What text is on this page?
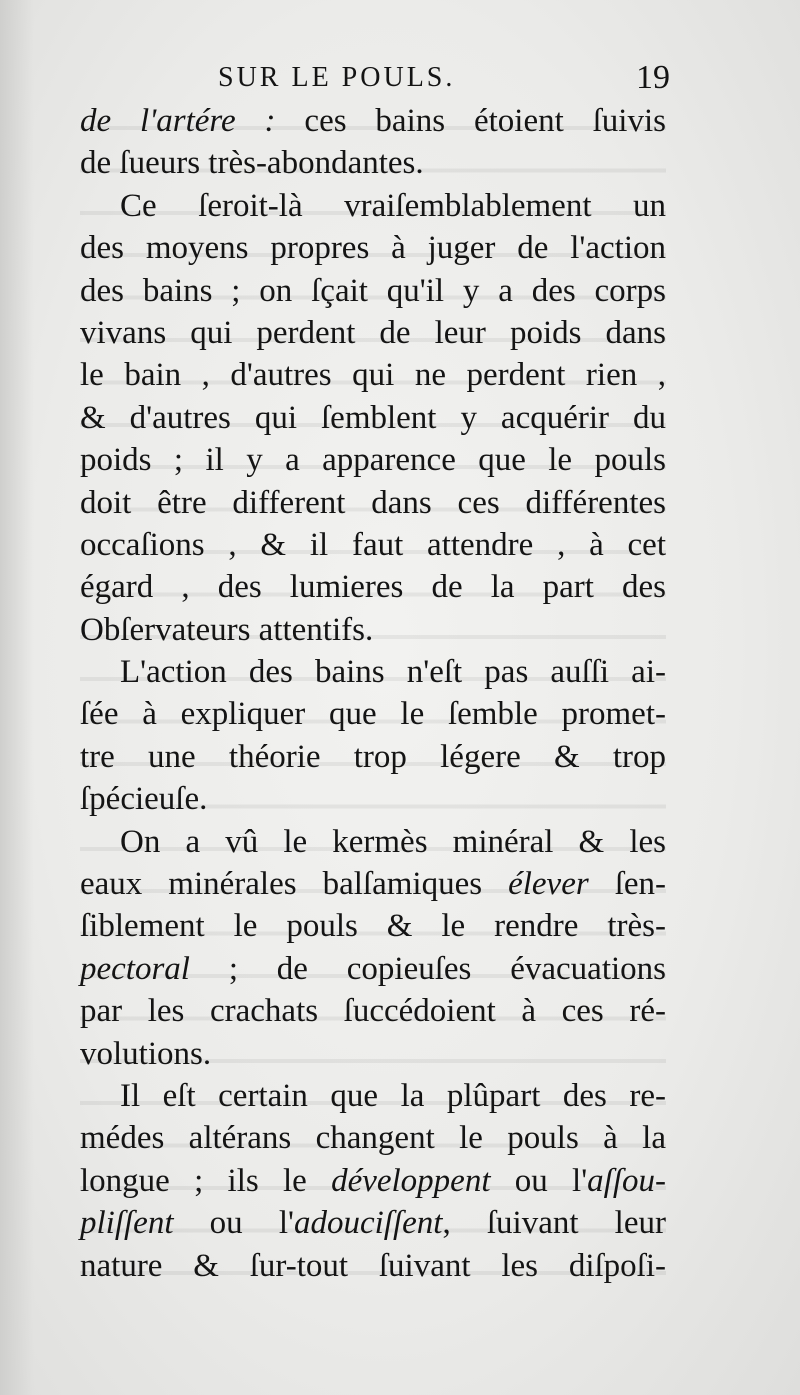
SUR LE POULS.	19
de l'artére : ces bains étoient ſuivis
de ſueurs très-abondantes.
Ce ſeroit-là vraiſemblablement un
des moyens propres à juger de l'action
des bains ; on ſçait qu'il y a des corps
vivans qui perdent de leur poids dans
le bain , d'autres qui ne perdent rien ,
& d'autres qui ſemblent y acquérir du
poids ; il y a apparence que le pouls
doit être different dans ces différentes
occaſions , & il faut attendre , à cet
égard , des lumieres de la part des
Obſervateurs attentifs.
L'action des bains n'eſt pas auſſi ai-
ſée à expliquer que le ſemble promet-
tre une théorie trop légere & trop
ſpécieuſe.
On a vû le kermès minéral & les
eaux minérales balſamiques élever ſen-
ſiblement le pouls & le rendre très-
pectoral ; de copieuſes évacuations
par les crachats ſuccédoient à ces ré-
volutions.
Il eſt certain que la plûpart des re-
médes altérans changent le pouls à la
longue ; ils le développent ou l'aſſou-
pliſſent ou l'adouciſſent, ſuivant leur
nature & ſur-tout ſuivant les diſpoſi-
